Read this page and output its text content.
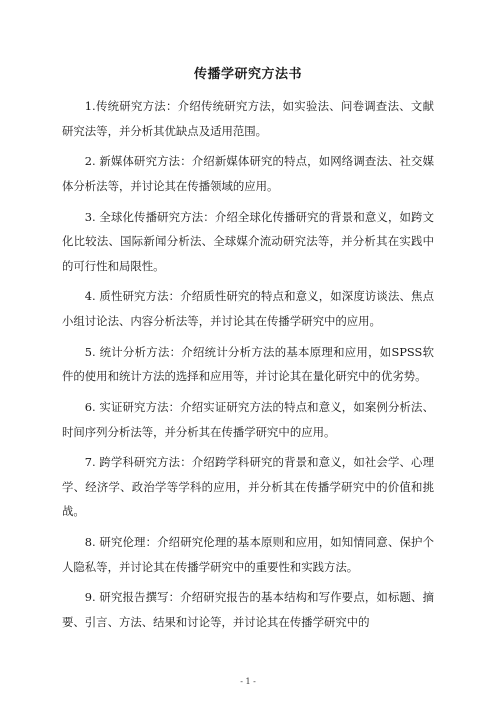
传播学研究方法书

1.传统研究方法：介绍传统研究方法，如实验法、问卷调查法、文献研究法等，并分析其优缺点及适用范围。

2. 新媒体研究方法：介绍新媒体研究的特点，如网络调查法、社交媒体分析法等，并讨论其在传播领域的应用。

3. 全球化传播研究方法：介绍全球化传播研究的背景和意义，如跨文化比较法、国际新闻分析法、全球媒介流动研究法等，并分析其在实践中的可行性和局限性。

4. 质性研究方法：介绍质性研究的特点和意义，如深度访谈法、焦点小组讨论法、内容分析法等，并讨论其在传播学研究中的应用。

5. 统计分析方法：介绍统计分析方法的基本原理和应用，如SPSS软件的使用和统计方法的选择和应用等，并讨论其在量化研究中的优劣势。

6. 实证研究方法：介绍实证研究方法的特点和意义，如案例分析法、时间序列分析法等，并分析其在传播学研究中的应用。

7. 跨学科研究方法：介绍跨学科研究的背景和意义，如社会学、心理学、经济学、政治学等学科的应用，并分析其在传播学研究中的价值和挑战。

8. 研究伦理：介绍研究伦理的基本原则和应用，如知情同意、保护个人隐私等，并讨论其在传播学研究中的重要性和实践方法。

9. 研究报告撰写：介绍研究报告的基本结构和写作要点，如标题、摘要、引言、方法、结果和讨论等，并讨论其在传播学研究中的

- 1 -
